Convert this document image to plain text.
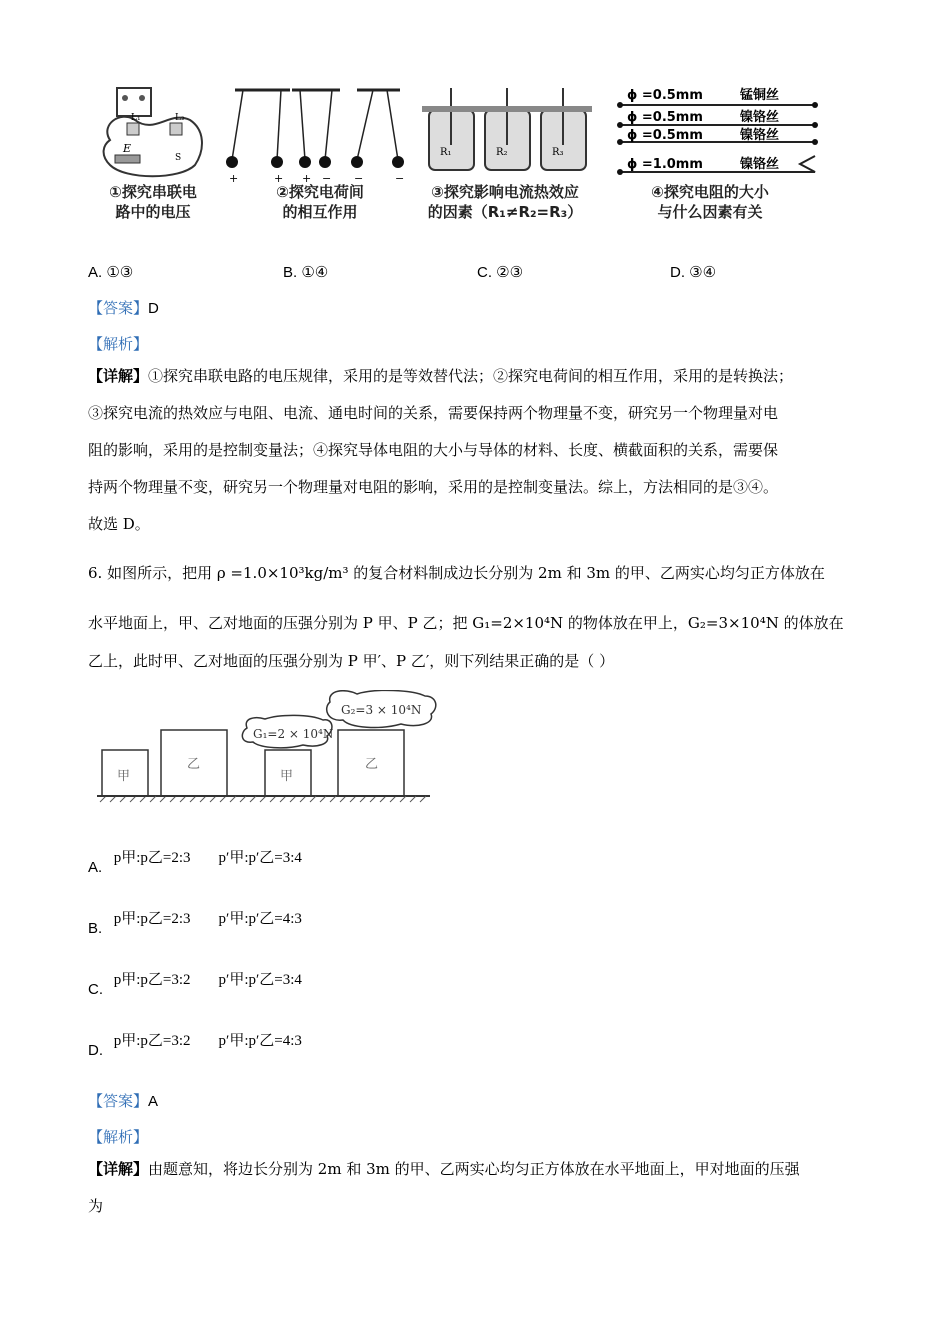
L₁	L₂
E
S
+	+ + − −	−
R₁	R₂	R₃
ϕ =0.5mm	锰铜丝
ϕ =0.5mm	镍铬丝
ϕ =0.5mm	镍铬丝
ϕ =1.0mm	镍铬丝
①探究串联电
路中的电压
②探究电荷间
的相互作用
③探究影响电流热效应
的因素（R₁≠R₂=R₃）
④探究电阻的大小
与什么因素有关
A. ①③	B. ①④	C. ②③	D. ③④
【答案】D
【解析】
【详解】①探究串联电路的电压规律，采用的是等效替代法；②探究电荷间的相互作用，采用的是转换法；
③探究电流的热效应与电阻、电流、通电时间的关系，需要保持两个物理量不变，研究另一个物理量对电
阻的影响，采用的是控制变量法；④探究导体电阻的大小与导体的材料、长度、横截面积的关系，需要保
持两个物理量不变，研究另一个物理量对电阻的影响，采用的是控制变量法。综上，方法相同的是③④。
故选 D。
6. 如图所示，把用 ρ =1.0×10³kg/m³ 的复合材料制成边长分别为 2m 和 3m 的甲、乙两实心均匀正方体放在
水平地面上，甲、乙对地面的压强分别为 P 甲、P 乙；把 G₁=2×10⁴N 的物体放在甲上，G₂=3×10⁴N 的体放在
乙上，此时甲、乙对地面的压强分别为 P 甲′、P 乙′，则下列结果正确的是（ ）
甲
乙
甲
乙
G₁=2 × 10⁴N
G₂=3 × 10⁴N
A. p甲:p乙=2:3 p′甲:p′乙=3:4
B. p甲:p乙=2:3 p′甲:p′乙=4:3
C. p甲:p乙=3:2 p′甲:p′乙=3:4
D. p甲:p乙=3:2 p′甲:p′乙=4:3
【答案】A
【解析】
【详解】由题意知，将边长分别为 2m 和 3m 的甲、乙两实心均匀正方体放在水平地面上，甲对地面的压强
为
